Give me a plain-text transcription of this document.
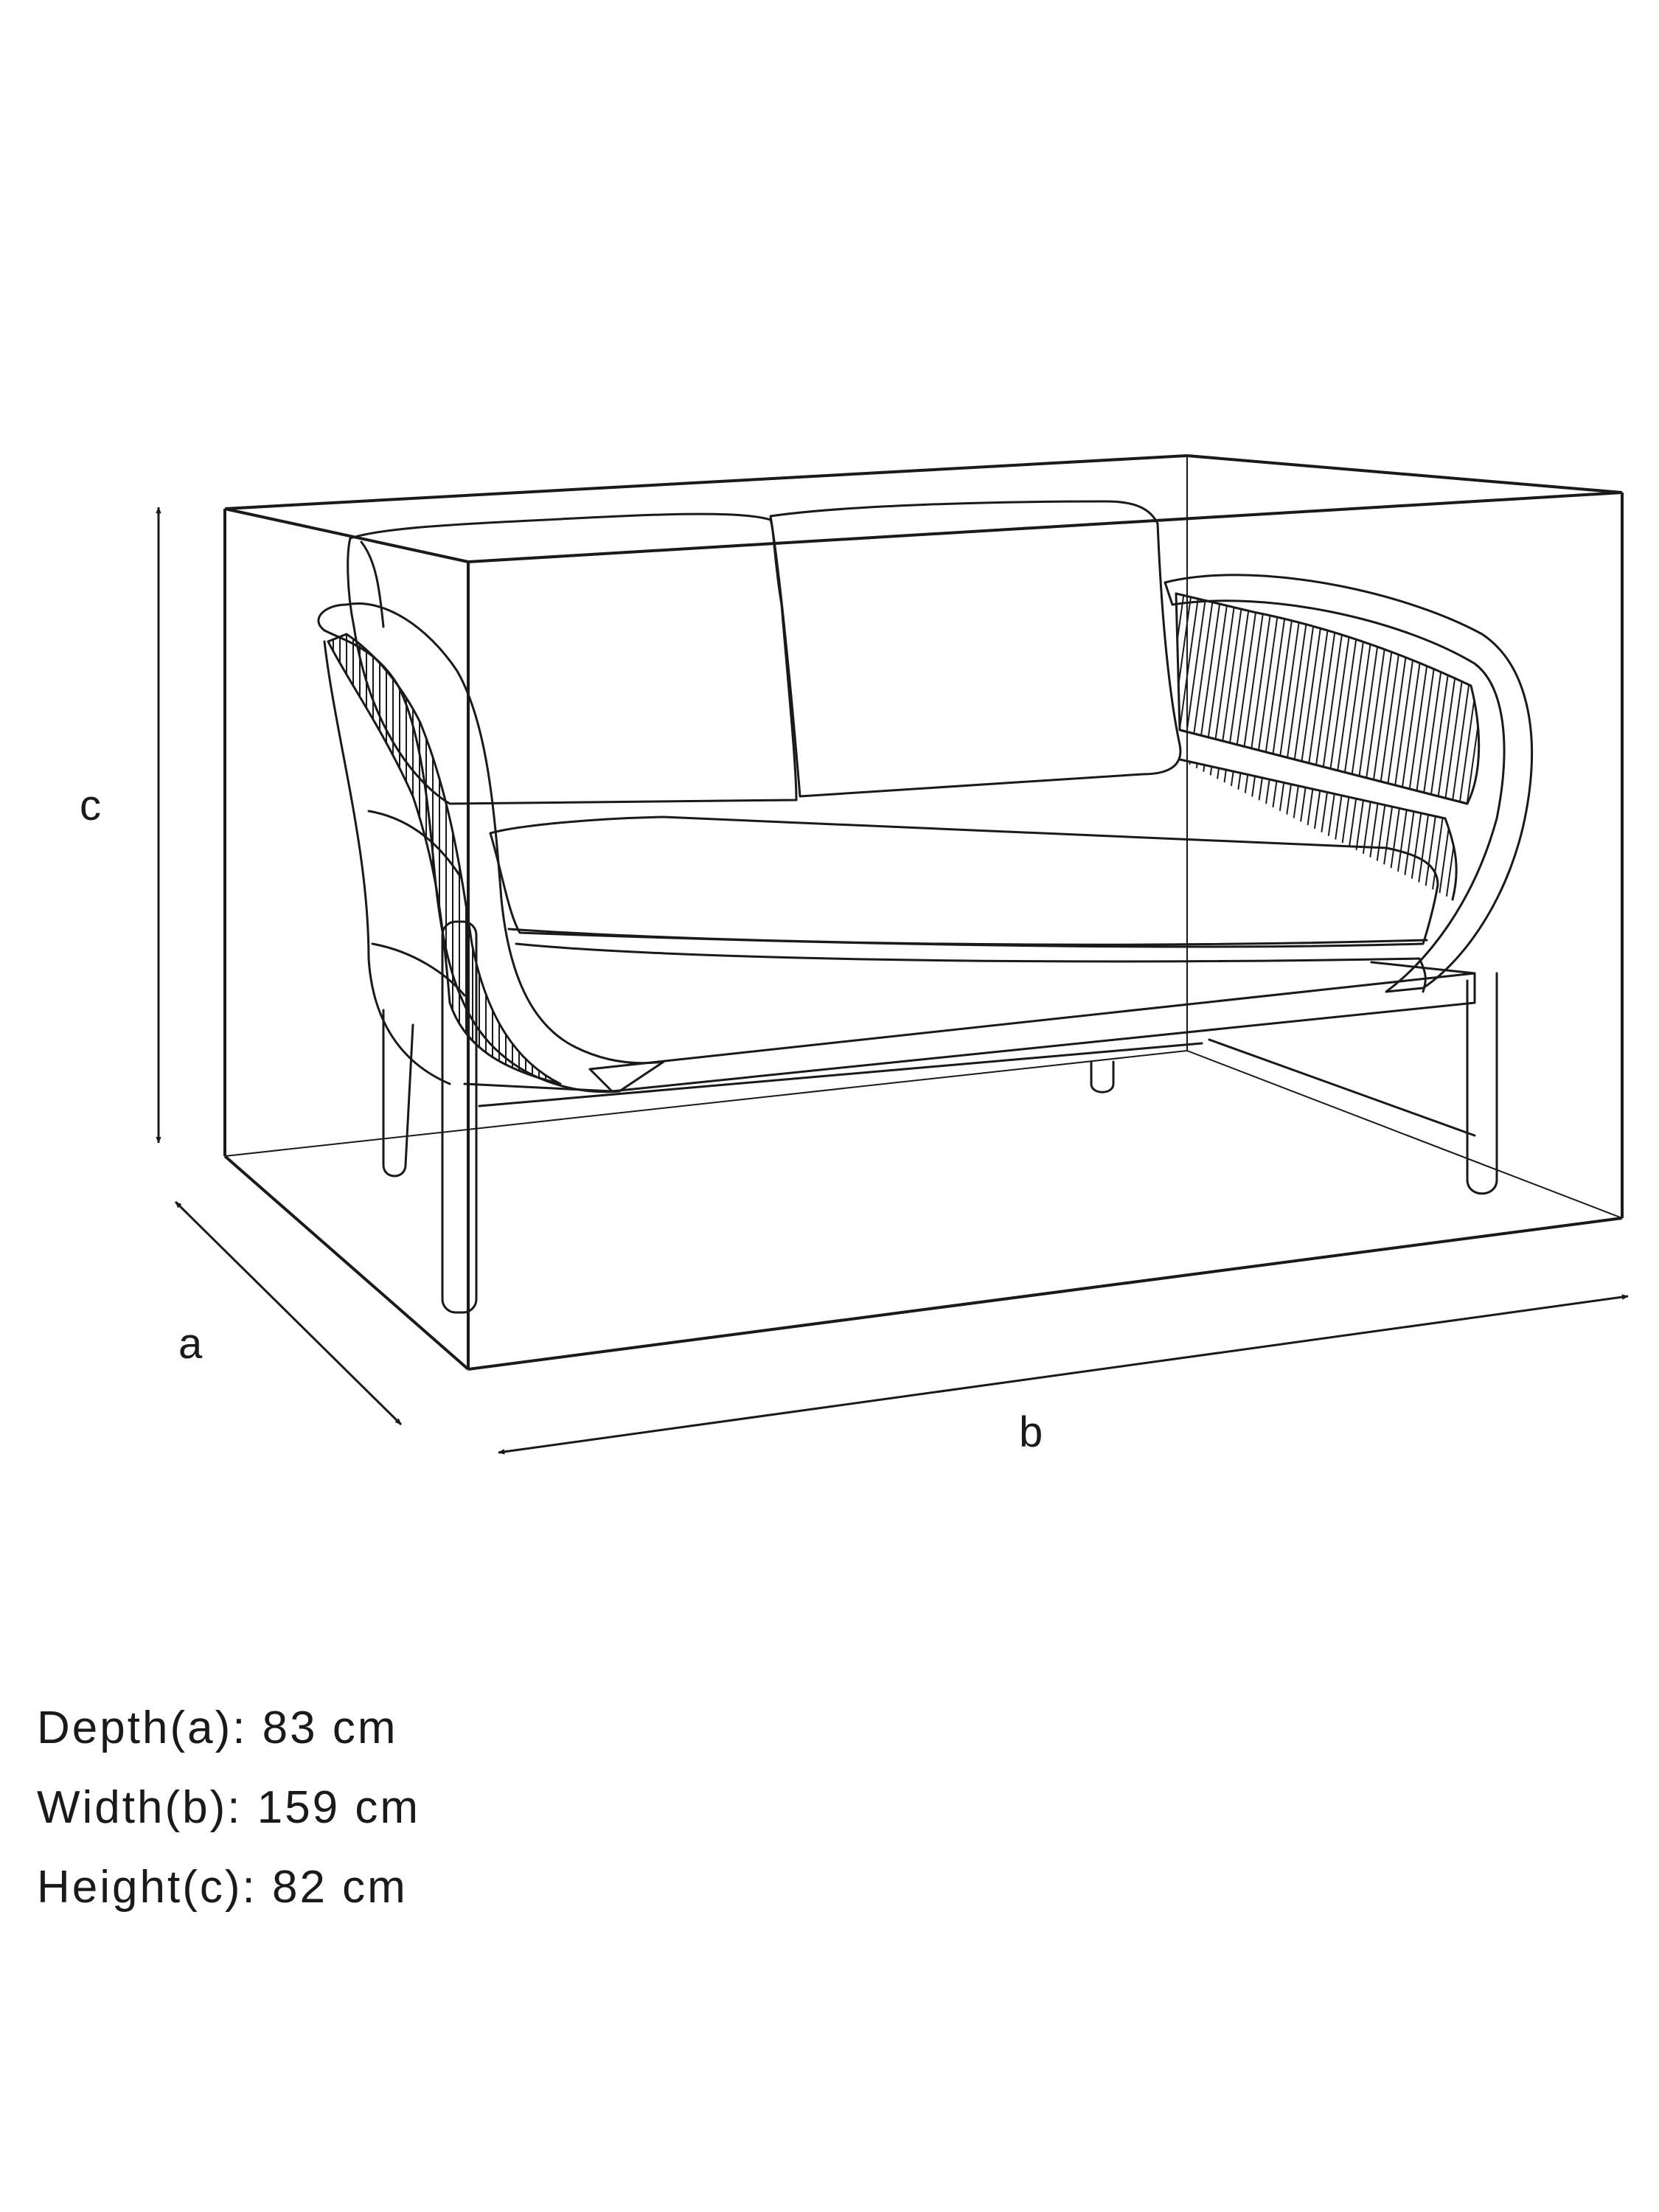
c
a
b
Depth(a): 83 cm
Width(b): 159 cm
Height(c): 82 cm
